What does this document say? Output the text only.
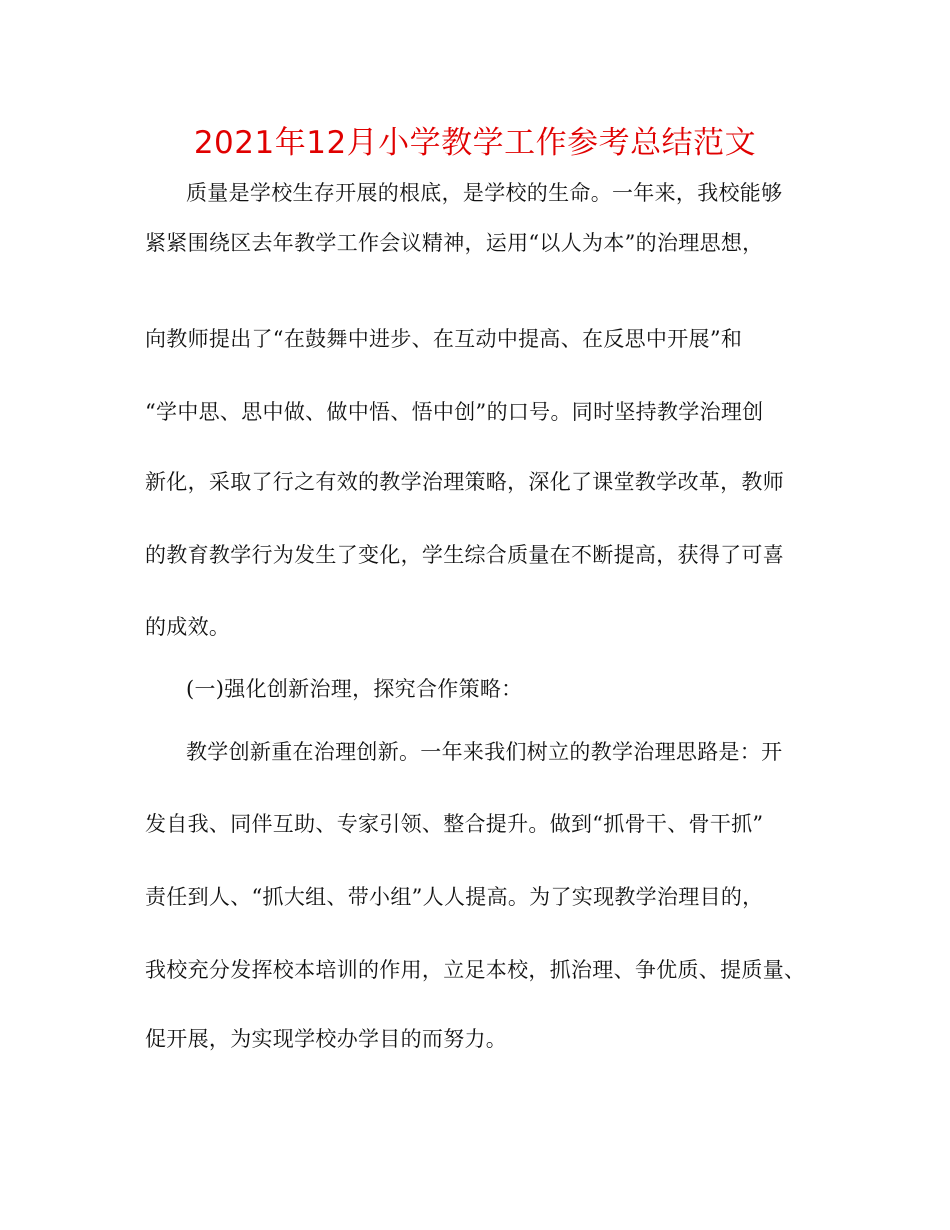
2021年12月小学教学工作参考总结范文
质量是学校生存开展的根底，是学校的生命。一年来，我校能够
紧紧围绕区去年教学工作会议精神，运用“以人为本”的治理思想，
向教师提出了“在鼓舞中进步、在互动中提高、在反思中开展”和
“学中思、思中做、做中悟、悟中创”的口号。同时坚持教学治理创
新化，采取了行之有效的教学治理策略，深化了课堂教学改革，教师
的教育教学行为发生了变化，学生综合质量在不断提高，获得了可喜
的成效。
(一)强化创新治理，探究合作策略：
教学创新重在治理创新。一年来我们树立的教学治理思路是：开
发自我、同伴互助、专家引领、整合提升。做到“抓骨干、骨干抓”
责任到人、“抓大组、带小组”人人提高。为了实现教学治理目的，
我校充分发挥校本培训的作用，立足本校，抓治理、争优质、提质量、
促开展，为实现学校办学目的而努力。
